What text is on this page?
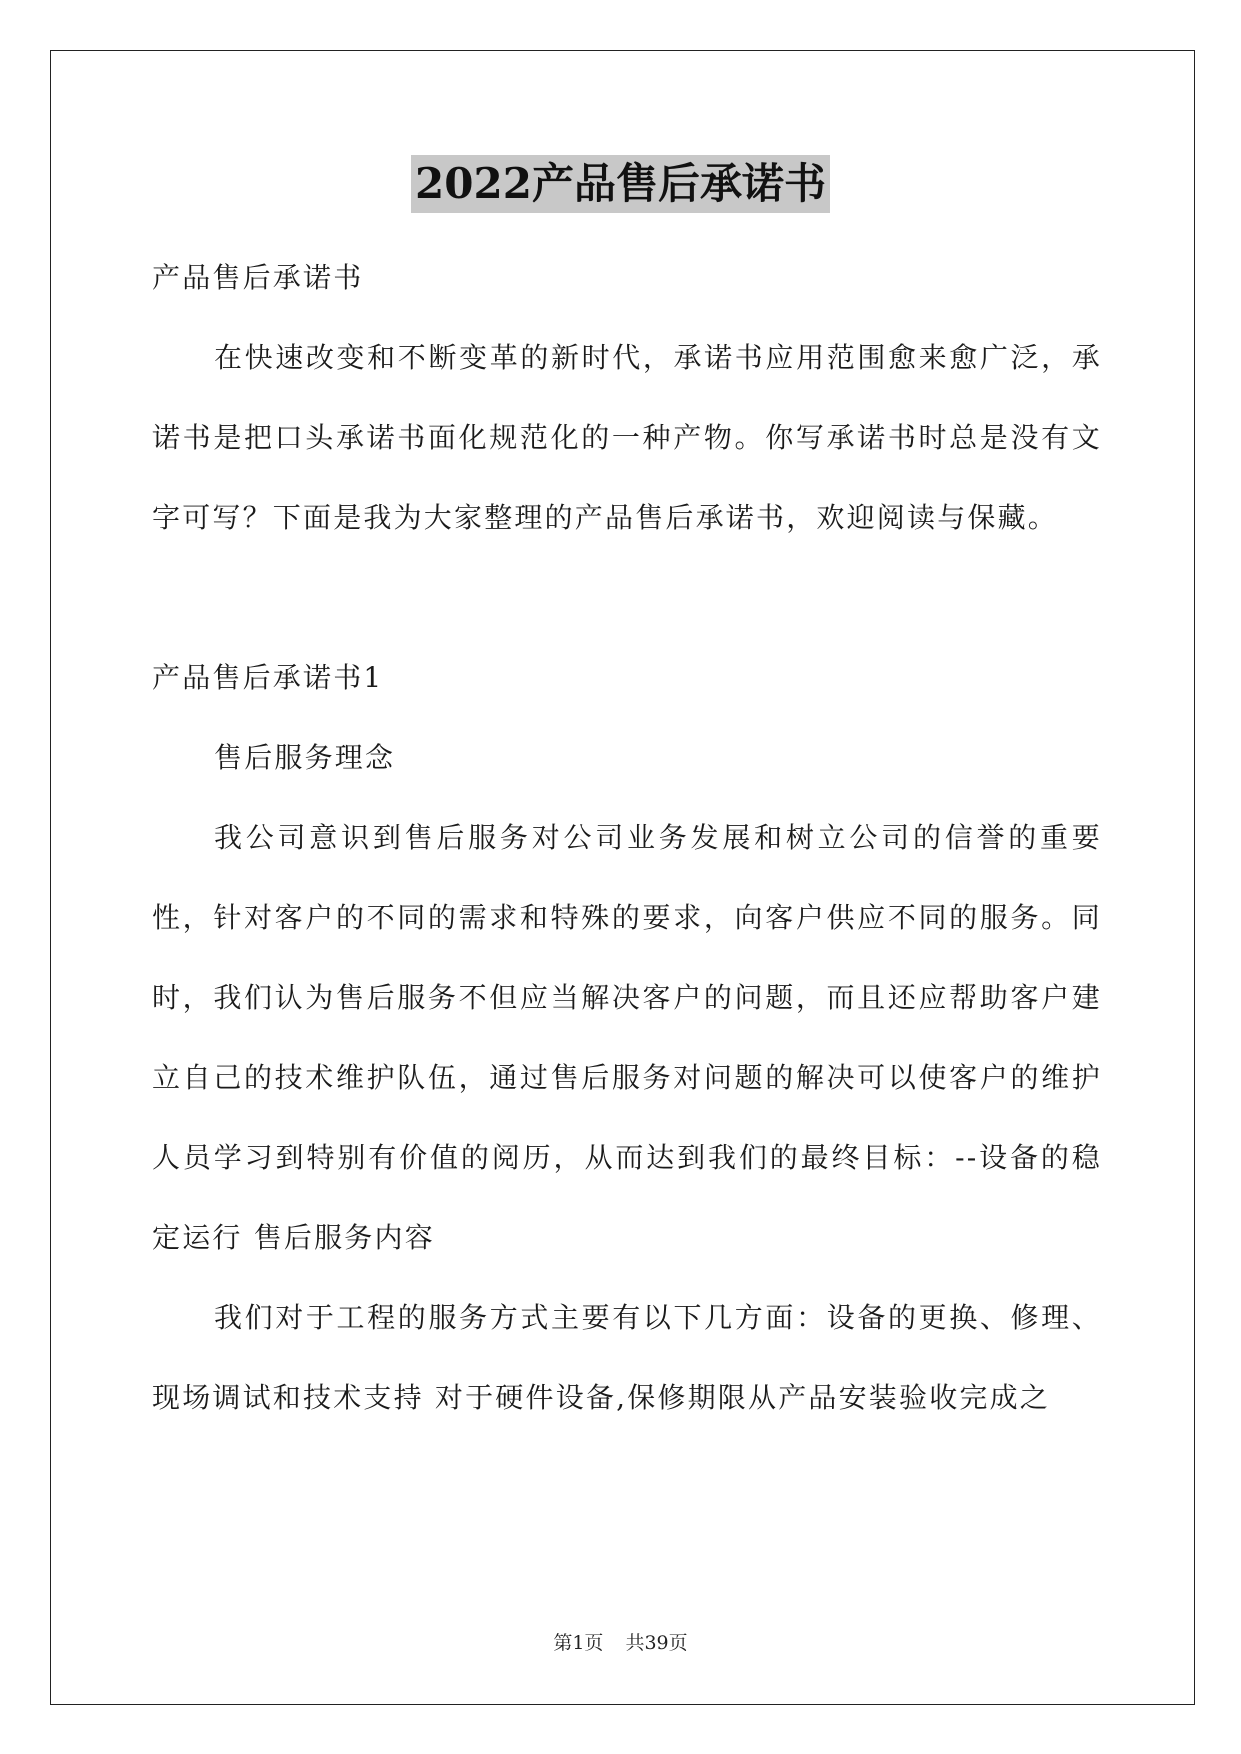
2022产品售后承诺书

产品售后承诺书

在快速改变和不断变革的新时代，承诺书应用范围愈来愈广泛，承诺书是把口头承诺书面化规范化的一种产物。你写承诺书时总是没有文字可写？下面是我为大家整理的产品售后承诺书，欢迎阅读与保藏。

产品售后承诺书1

售后服务理念

我公司意识到售后服务对公司业务发展和树立公司的信誉的重要性，针对客户的不同的需求和特殊的要求，向客户供应不同的服务。同时，我们认为售后服务不但应当解决客户的问题，而且还应帮助客户建立自己的技术维护队伍，通过售后服务对问题的解决可以使客户的维护人员学习到特别有价值的阅历，从而达到我们的最终目标：--设备的稳定运行 售后服务内容

我们对于工程的服务方式主要有以下几方面：设备的更换、修理、现场调试和技术支持 对于硬件设备,保修期限从产品安装验收完成之

第1页 共39页
